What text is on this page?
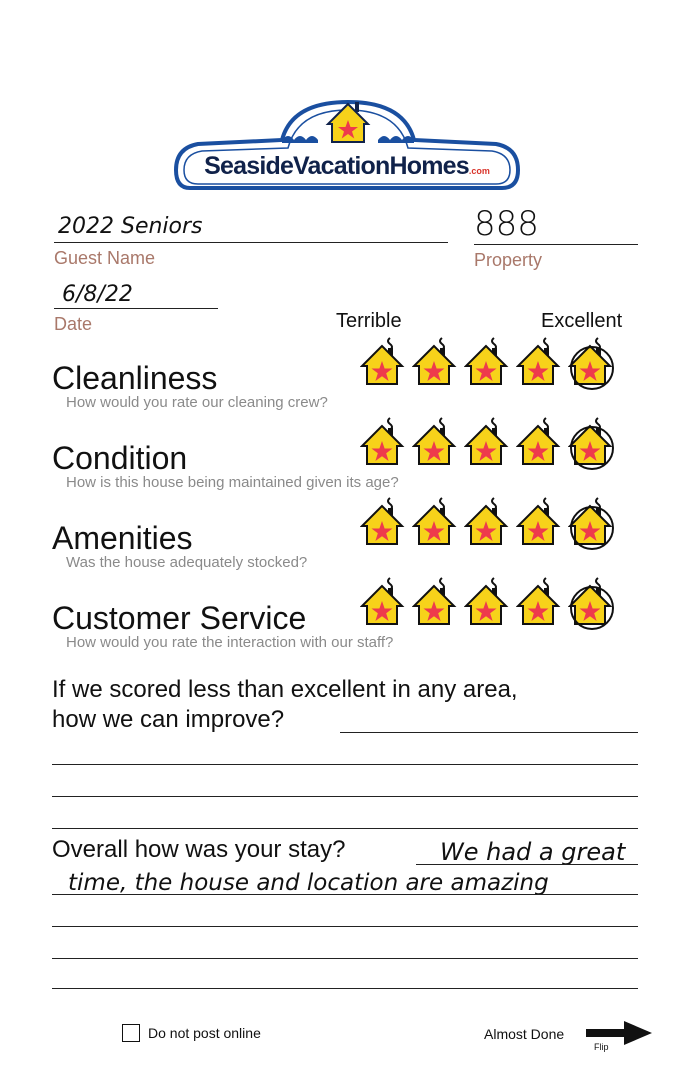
SeasideVacationHomes.com
2022 Seniors
Guest Name
888
Property
6/8/22
Date	Terrible	Excellent
Cleanliness
How would you rate our cleaning crew?
Condition
How is this house being maintained given its age?
Amenities
Was the house adequately stocked?
Customer Service
How would you rate the interaction with our staff?
If we scored less than excellent in any area,
how we can improve?
Overall how was your stay?	We had a great
time, the house and location are amazing
Do not post online	Almost Done
Flip
